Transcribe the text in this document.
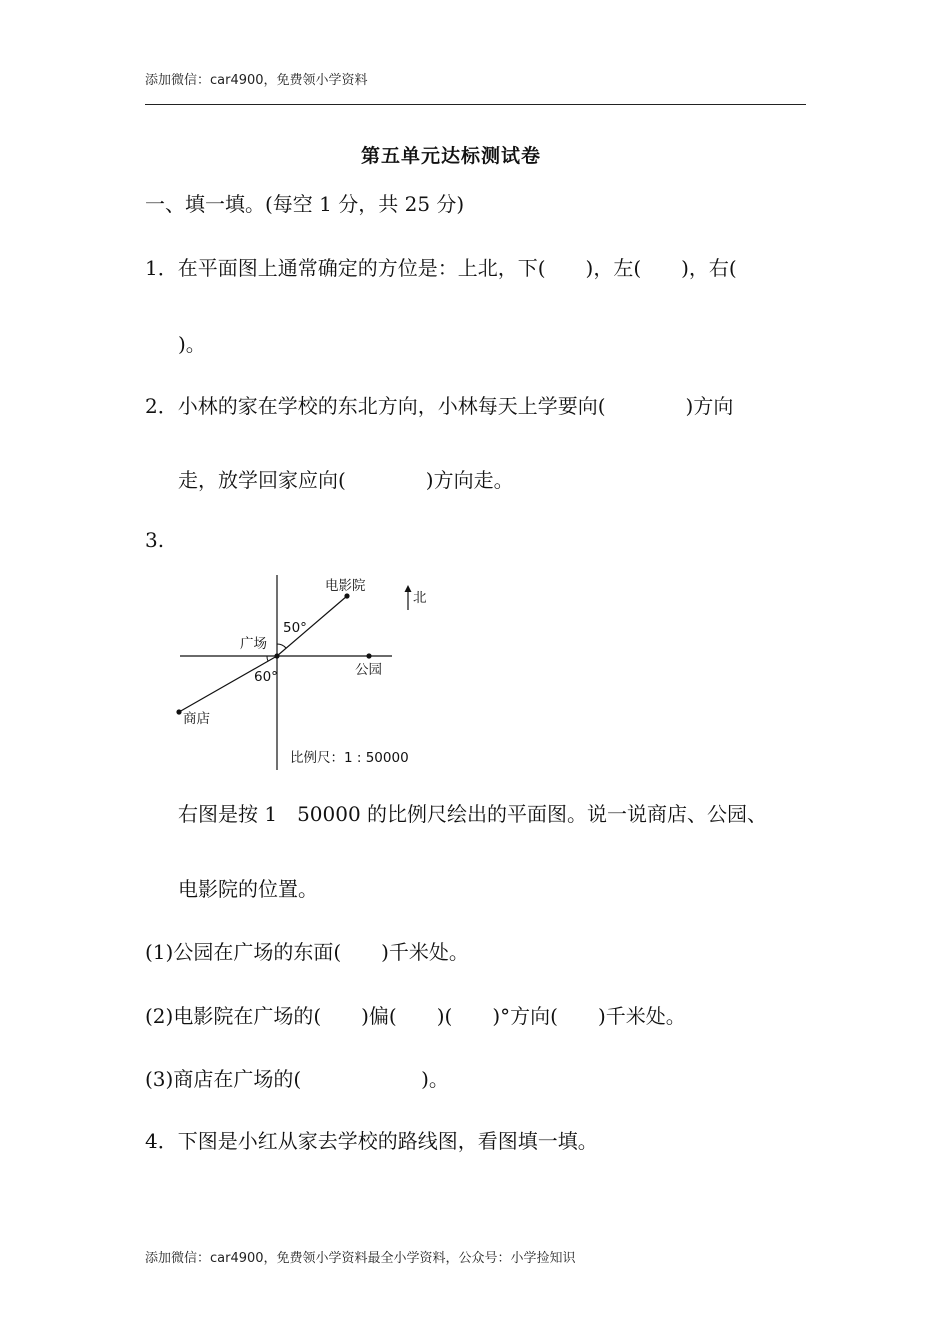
添加微信：car4900，免费领小学资料
第五单元达标测试卷
一、填一填。(每空 1 分，共 25 分)
1．在平面图上通常确定的方位是：上北，下(　　)，左(　　)，右(
)。
2．小林的家在学校的东北方向，小林每天上学要向(　　　　)方向
走，放学回家应向(　　　　)方向走。
3.
电影院
北
50°
广场
公园
60°
商店
比例尺：1 : 50000
右图是按 1　50000 的比例尺绘出的平面图。说一说商店、公园、
电影院的位置。
(1)公园在广场的东面(　　)千米处。
(2)电影院在广场的(　　)偏(　　)(　　)°方向(　　)千米处。
(3)商店在广场的(　　　　　　)。
4．下图是小红从家去学校的路线图，看图填一填。
添加微信：car4900，免费领小学资料最全小学资料，公众号：小学捡知识
